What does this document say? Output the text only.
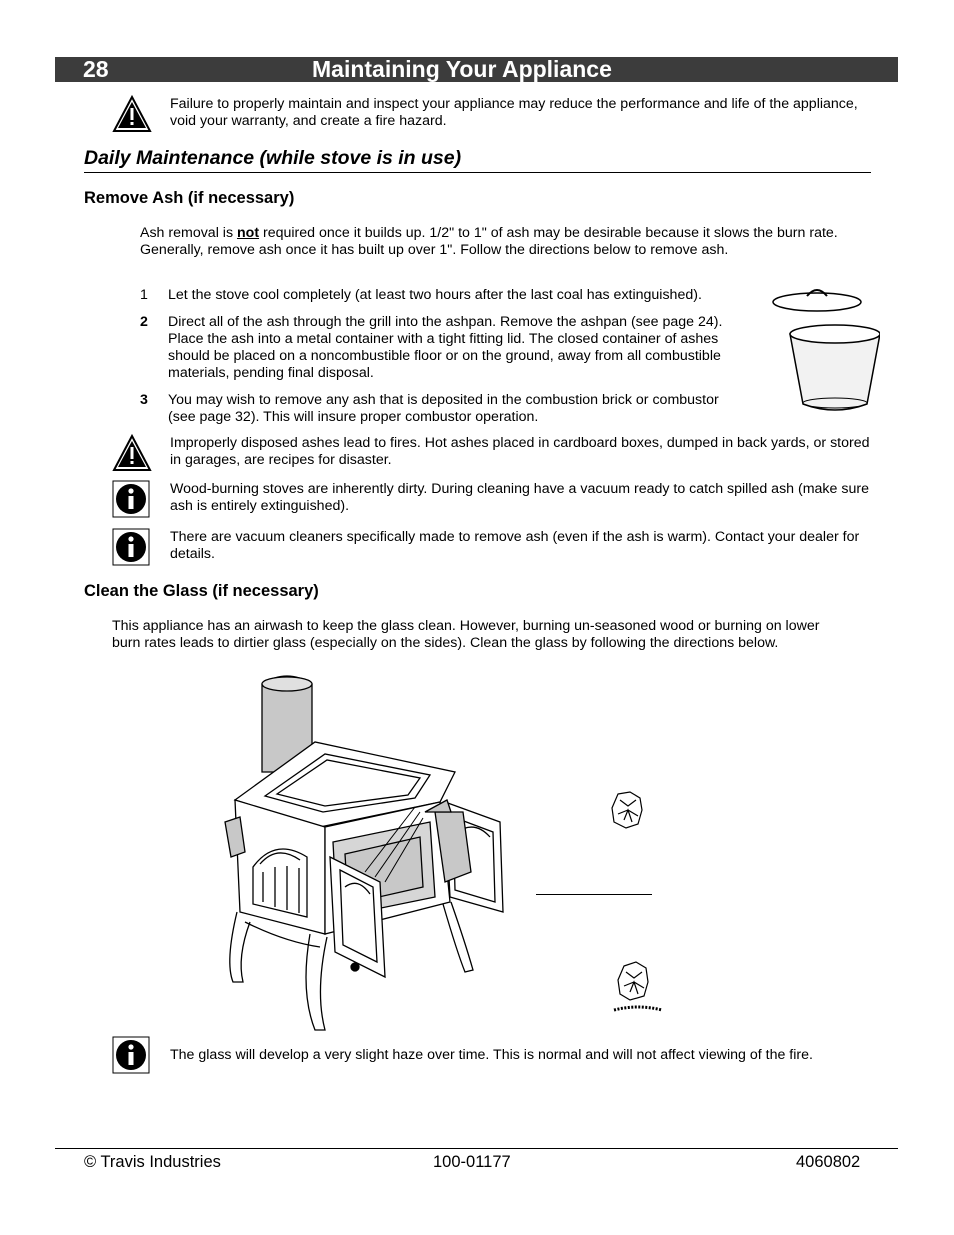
28	Maintaining Your Appliance
Failure to properly maintain and inspect your appliance may reduce the performance and life of the appliance, void your warranty, and create a fire hazard.
Daily Maintenance (while stove is in use)
Remove Ash (if necessary)
Ash removal is not required once it builds up. 1/2" to 1" of ash may be desirable because it slows the burn rate. Generally, remove ash once it has built up over 1". Follow the directions below to remove ash.
1	Let the stove cool completely (at least two hours after the last coal has extinguished).
2	Direct all of the ash through the grill into the ashpan. Remove the ashpan (see page 24). Place the ash into a metal container with a tight fitting lid. The closed container of ashes should be placed on a noncombustible floor or on the ground, away from all combustible materials, pending final disposal.
3	You may wish to remove any ash that is deposited in the combustion brick or combustor (see page 32). This will insure proper combustor operation.
Improperly disposed ashes lead to fires. Hot ashes placed in cardboard boxes, dumped in back yards, or stored in garages, are recipes for disaster.
Wood-burning stoves are inherently dirty. During cleaning have a vacuum ready to catch spilled ash (make sure ash is entirely extinguished).
There are vacuum cleaners specifically made to remove ash (even if the ash is warm). Contact your dealer for details.
Clean the Glass (if necessary)
This appliance has an airwash to keep the glass clean. However, burning un-seasoned wood or burning on lower burn rates leads to dirtier glass (especially on the sides). Clean the glass by following the directions below.
The glass will develop a very slight haze over time. This is normal and will not affect viewing of the fire.
© Travis Industries	100-01177	4060802
